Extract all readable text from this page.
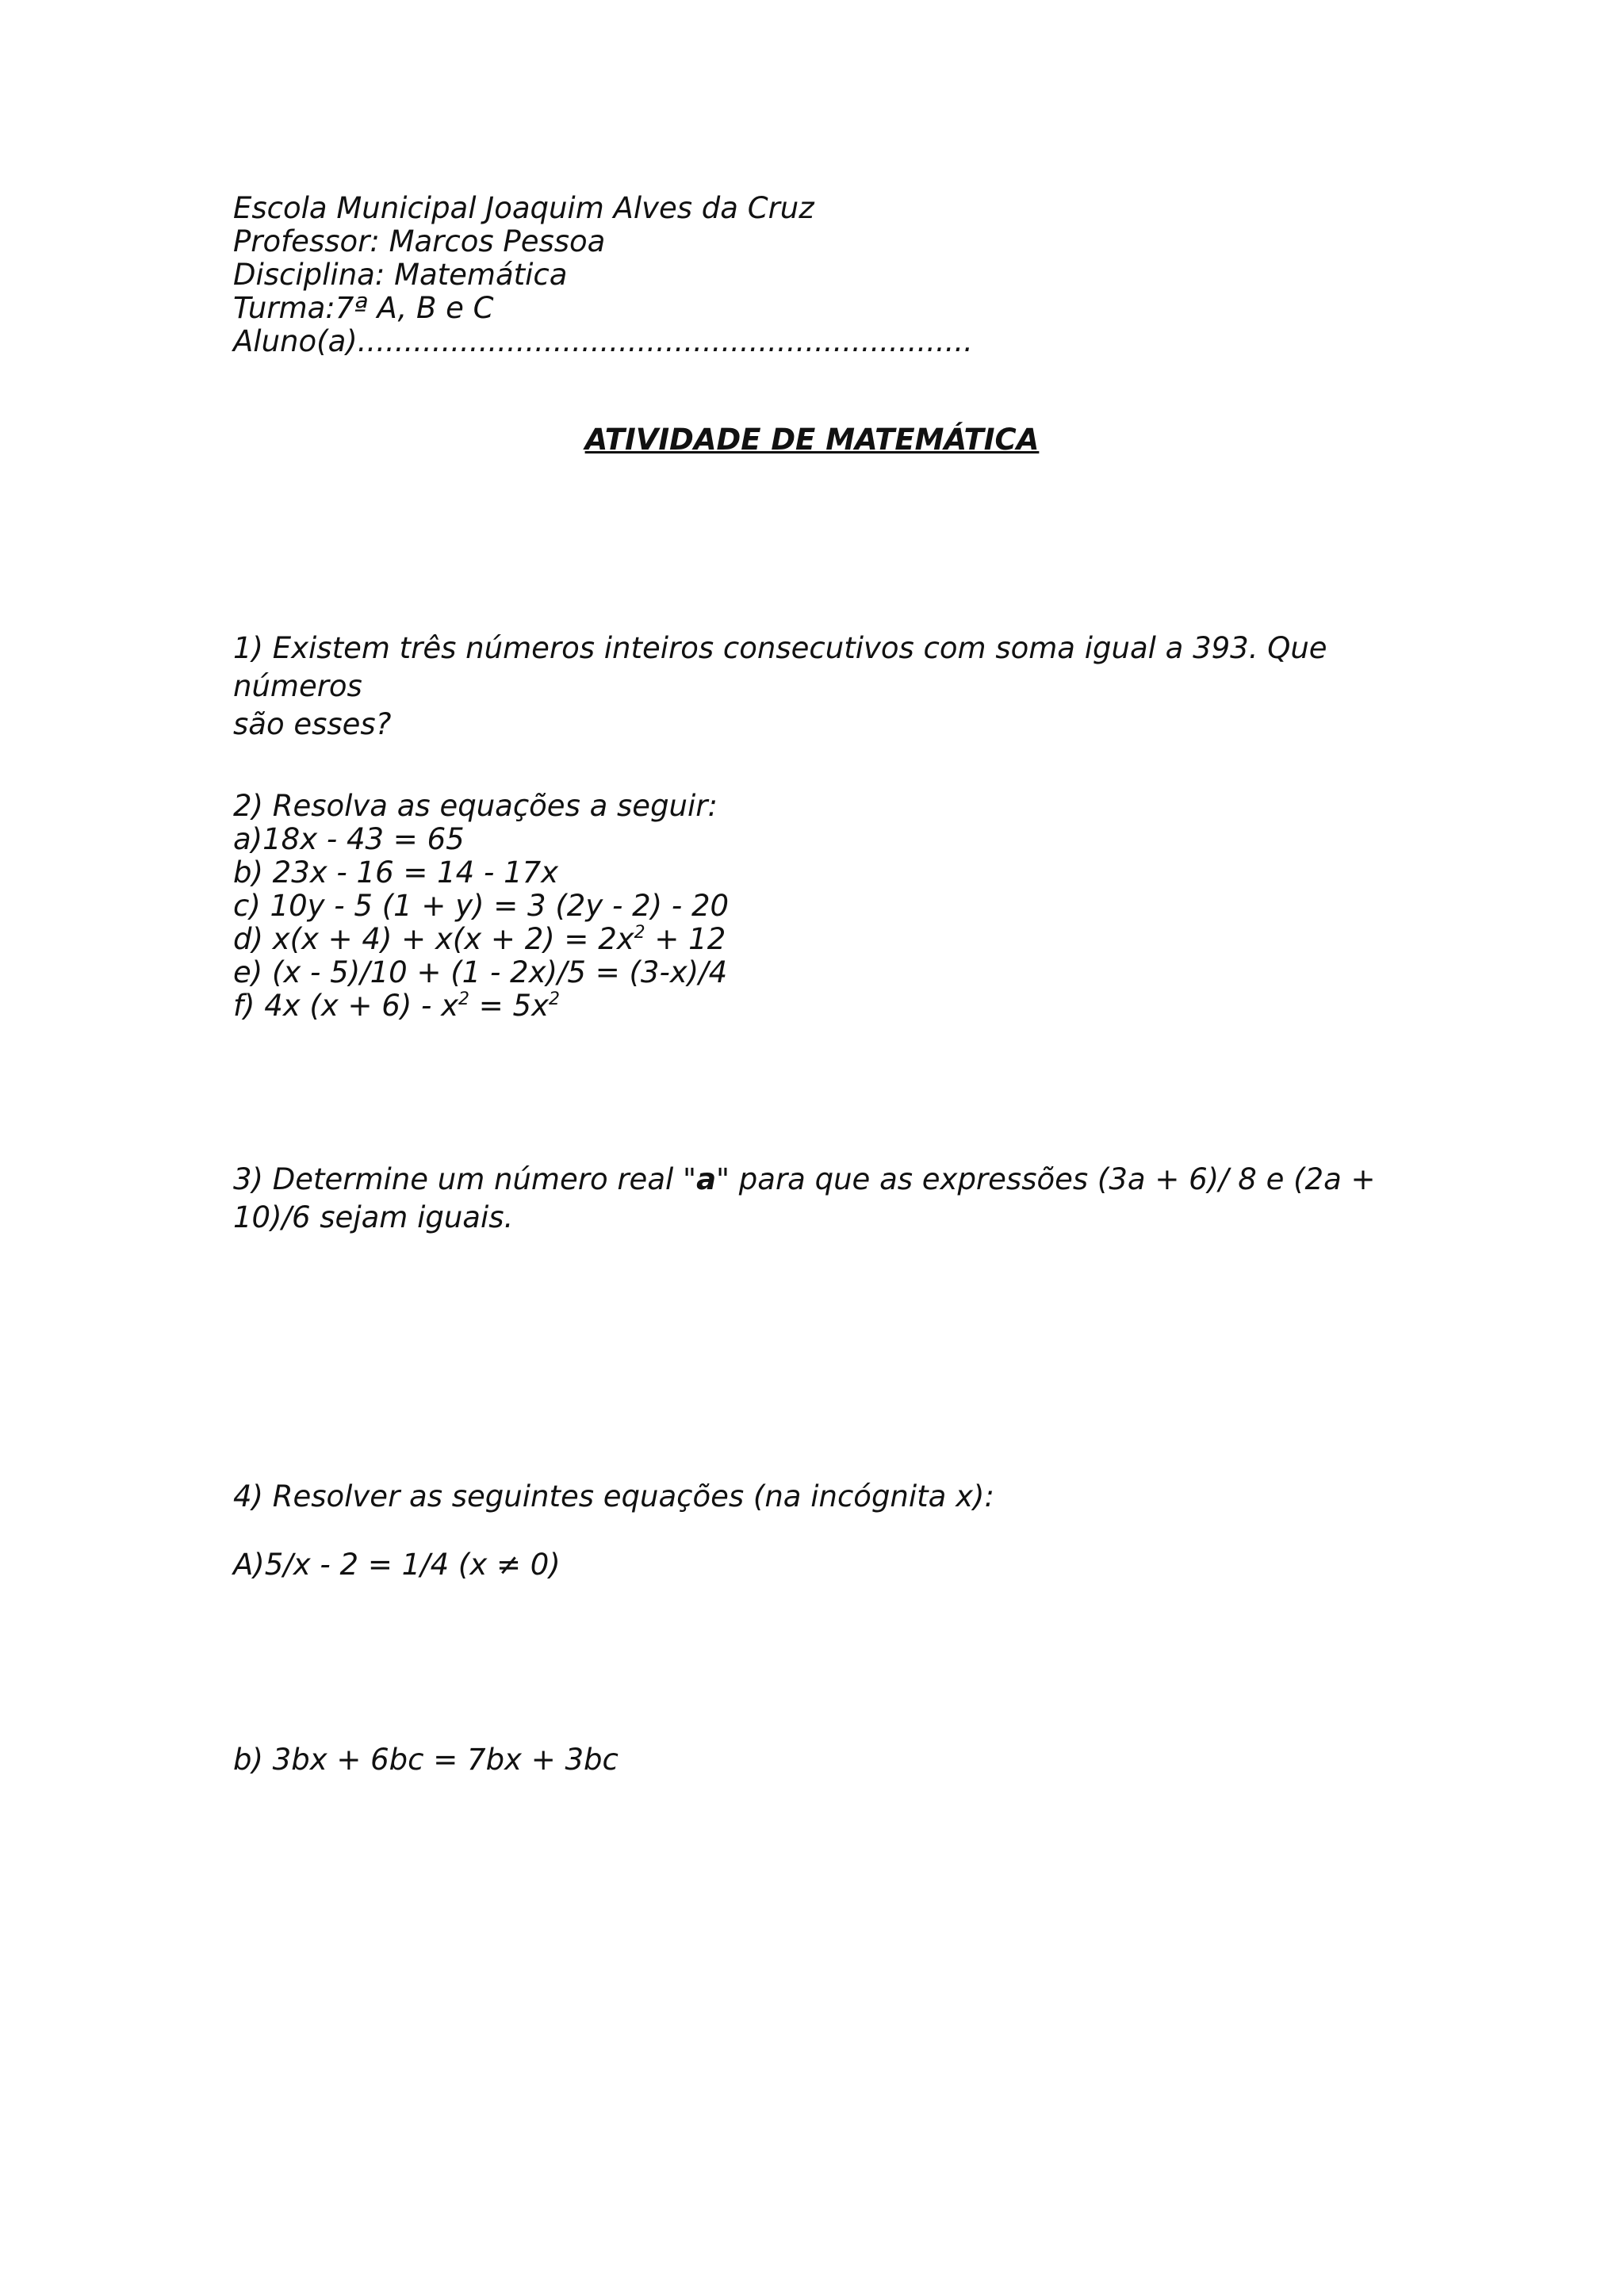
Escola Municipal Joaquim Alves da Cruz
Professor: Marcos Pessoa
Disciplina: Matemática
Turma:7ª A, B e C
Aluno(a)..................................................................
ATIVIDADE DE MATEMÁTICA
1) Existem três números inteiros consecutivos com soma igual a 393. Que números
são esses?
2) Resolva as equações a seguir:
a)18x - 43 = 65
b) 23x - 16 = 14 - 17x
c) 10y - 5 (1 + y) = 3 (2y - 2) - 20
d) $x(x + 4) + x(x + 2) = 2x^2 + 12$
e) (x - 5)/10 + (1 - 2x)/5 = (3-x)/4
f) 4x $(x + 6) - x^2 = 5x^2$
3) Determine um número real "a" para que as expressões (3a + 6)/ 8 e (2a +
10)/6 sejam iguais.
4) Resolver as seguintes equações (na incógnita x):
A)5/x - 2 = 1/4 (x ≠ 0)
b) 3bx + 6bc = 7bx + 3bc
